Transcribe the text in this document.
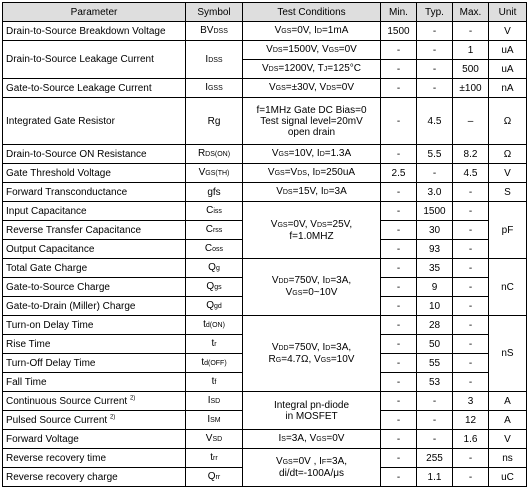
Parameter	Symbol	Test Conditions	Min.	Typ.	Max.	Unit
Drain-to-Source Breakdown Voltage	BVDSS	VGS=0V, ID=1mA	1500	-	-	V
Drain-to-Source Leakage Current	IDSS	VDS=1500V, VGS=0V	-	-	1	uA
		VDS=1200V, TJ=125°C	-	-	500	uA
Gate-to-Source Leakage Current	IGSS	VGS=±30V, VDS=0V	-	-	±100	nA
Integrated Gate Resistor	Rg	f=1MHz Gate DC Bias=0
Test signal level=20mV
open drain	-	4.5	–	Ω
Drain-to-Source ON Resistance	RDS(ON)	VGS=10V, ID=1.3A	-	5.5	8.2	Ω
Gate Threshold Voltage	VGS(TH)	VGS=VDS, ID=250uA	2.5	-	4.5	V
Forward Transconductance	gfs	VDS=15V, ID=3A	-	3.0	-	S
Input Capacitance	Ciss	VGS=0V, VDS=25V,
f=1.0MHZ	-	1500	-	pF
Reverse Transfer Capacitance	Crss		-	30	-	
Output Capacitance	Coss		-	93	-	
Total Gate Charge	Qg	VDD=750V, ID=3A,
VGS=0~10V	-	35	-	nC
Gate-to-Source Charge	Qgs		-	9	-	
Gate-to-Drain (Miller) Charge	Qgd		-	10	-	
Turn-on Delay Time	td(ON)	VDD=750V, ID=3A,
RG=4.7Ω, VGS=10V	-	28	-	nS
Rise Time	tr		-	50	-	
Turn-Off Delay Time	td(OFF)		-	55	-	
Fall Time	tf		-	53	-	
Continuous Source Current $^{2)}$	ISD	Integral pn-diode
in MOSFET	-	-	3	A
Pulsed Source Current $^{2)}$	ISM		-	-	12	A
Forward Voltage	VSD	IS=3A, VGS=0V	-	-	1.6	V
Reverse recovery time	trr	VGS=0V , IF=3A,
di/dt=-100A/μs	-	255	-	ns
Reverse recovery charge	Qrr		-	1.1	-	uC
